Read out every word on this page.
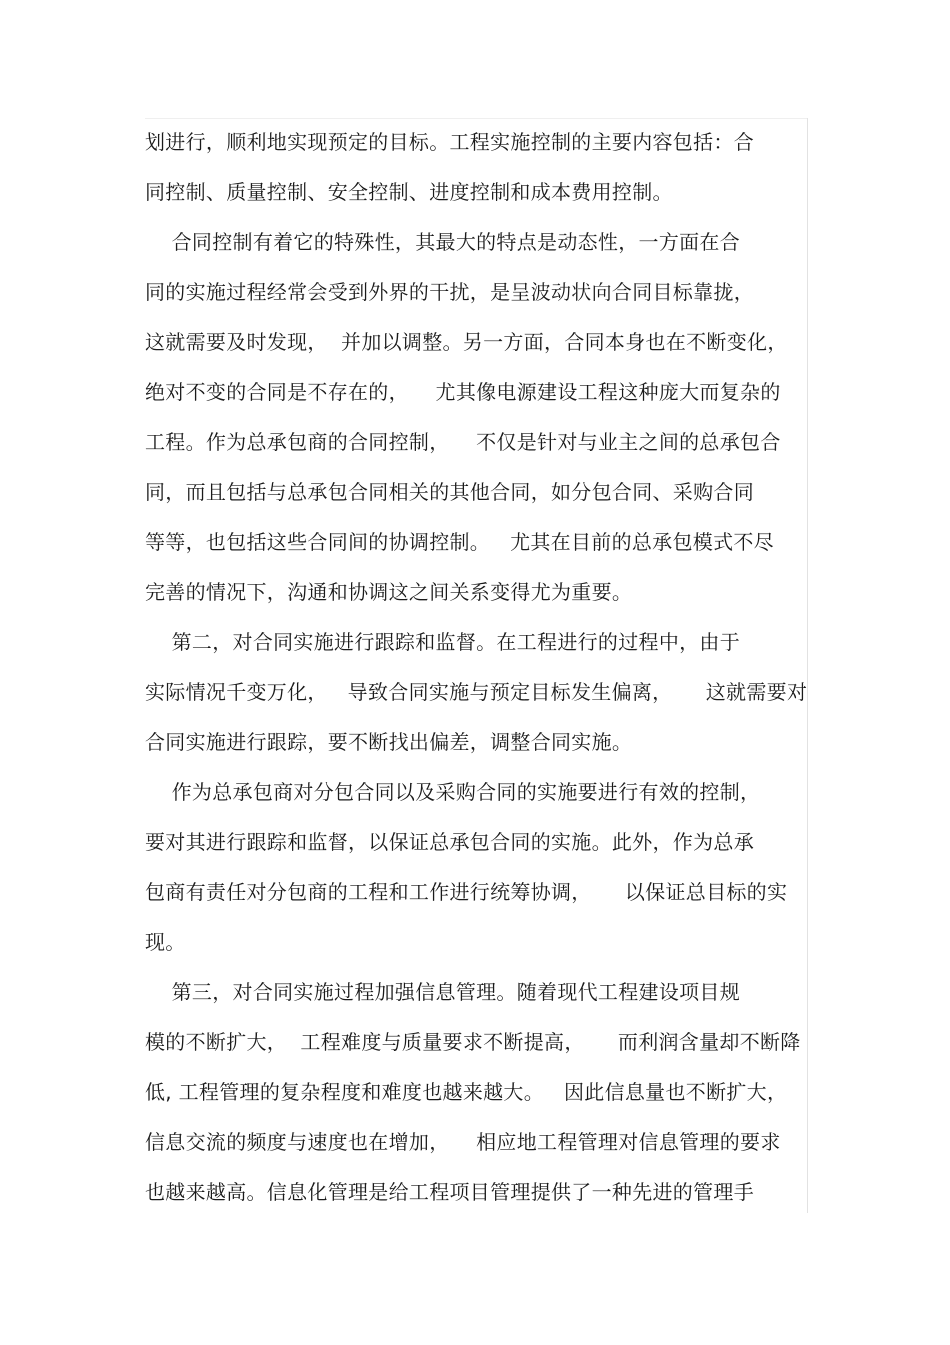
划进行，顺利地实现预定的目标。工程实施控制的主要内容包括：合
同控制、质量控制、安全控制、进度控制和成本费用控制。
合同控制有着它的特殊性，其最大的特点是动态性，一方面在合
同的实施过程经常会受到外界的干扰，是呈波动状向合同目标靠拢，
这就需要及时发现，  并加以调整。另一方面，合同本身也在不断变化，
绝对不变的合同是不存在的，    尤其像电源建设工程这种庞大而复杂的
工程。作为总承包商的合同控制，    不仅是针对与业主之间的总承包合
同，而且包括与总承包合同相关的其他合同，如分包合同、采购合同
等等，也包括这些合同间的协调控制。   尤其在目前的总承包模式不尽
完善的情况下，沟通和协调这之间关系变得尤为重要。
第二，对合同实施进行跟踪和监督。在工程进行的过程中，由于
实际情况千变万化，   导致合同实施与预定目标发生偏离，     这就需要对
合同实施进行跟踪，要不断找出偏差，调整合同实施。
作为总承包商对分包合同以及采购合同的实施要进行有效的控制，
要对其进行跟踪和监督，以保证总承包合同的实施。此外，作为总承
包商有责任对分包商的工程和工作进行统筹协调，     以保证总目标的实
现。
第三，对合同实施过程加强信息管理。随着现代工程建设项目规
模的不断扩大，  工程难度与质量要求不断提高，     而利润含量却不断降
低, 工程管理的复杂程度和难度也越来越大。   因此信息量也不断扩大，
信息交流的频度与速度也在增加，    相应地工程管理对信息管理的要求
也越来越高。信息化管理是给工程项目管理提供了一种先进的管理手
